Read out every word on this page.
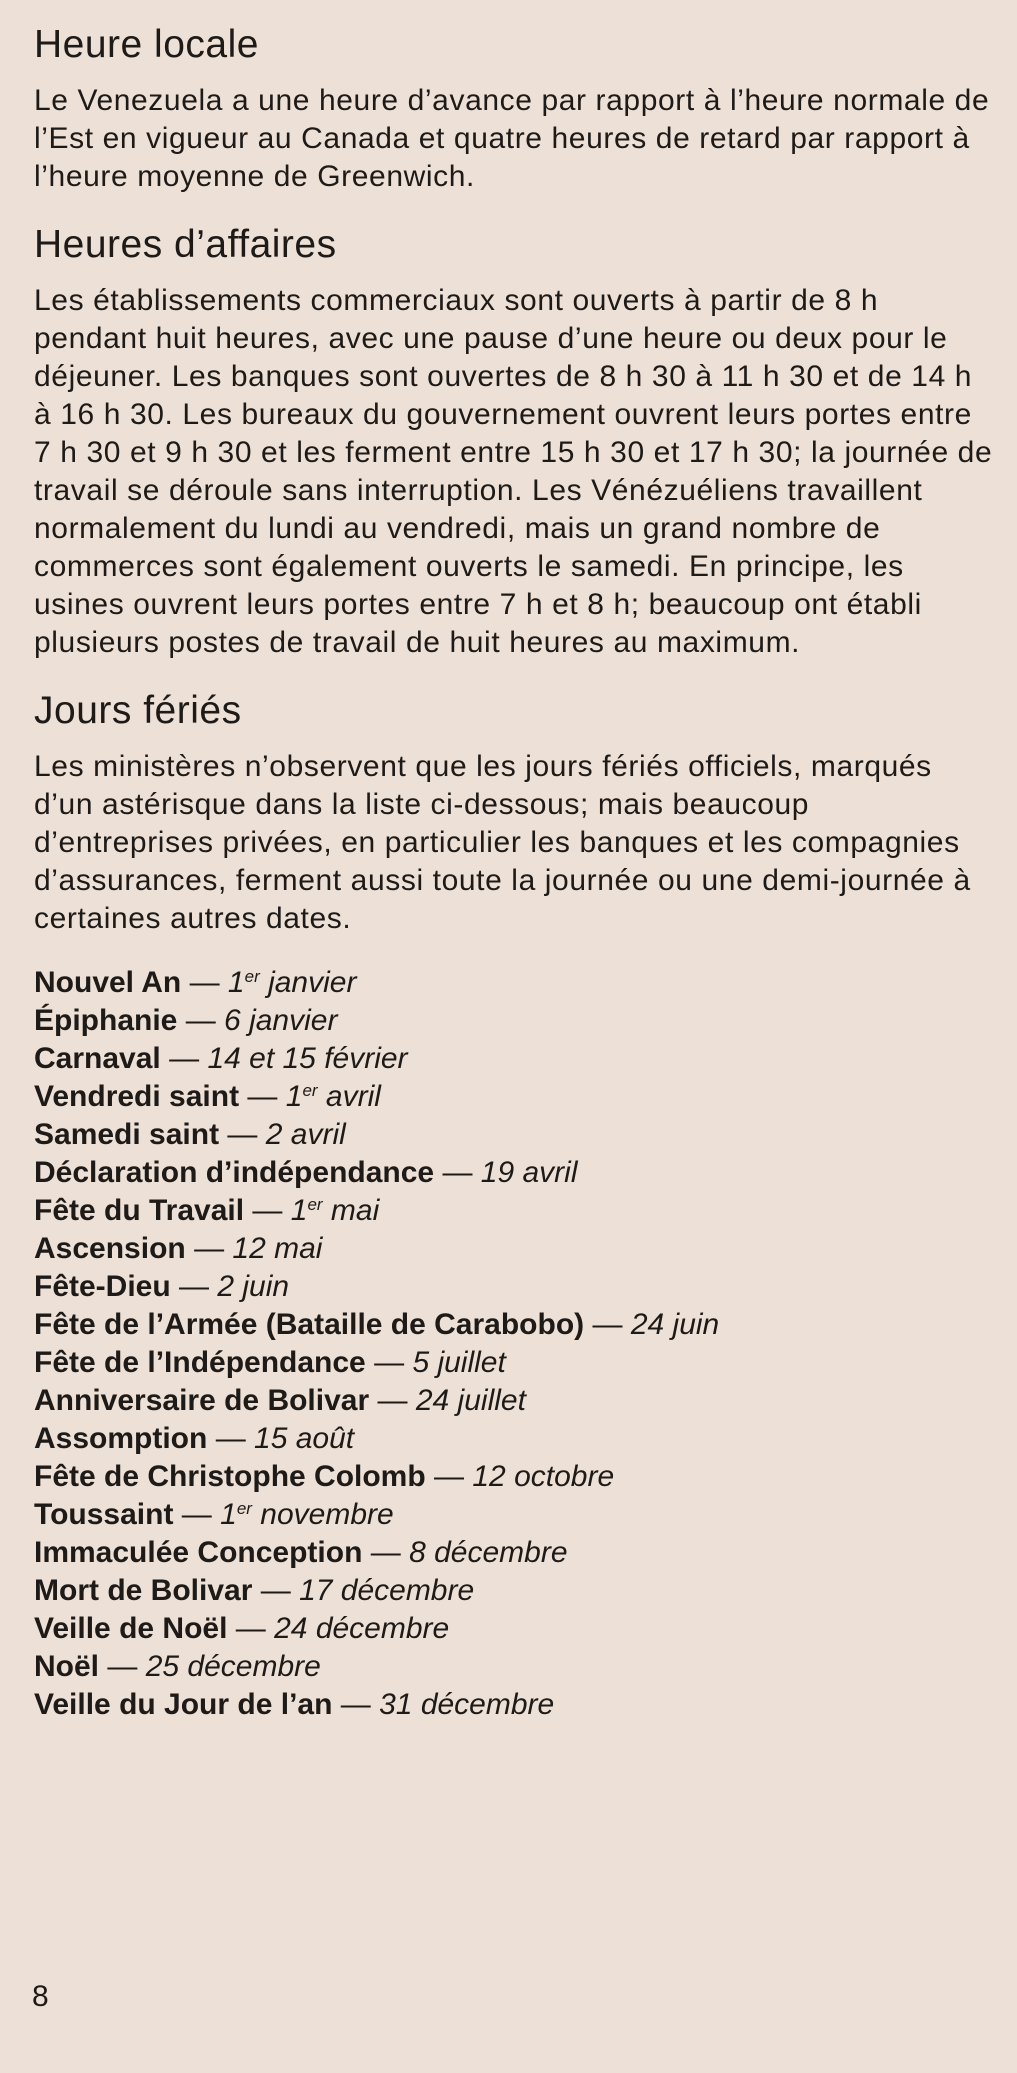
Heure locale

Le Venezuela a une heure d’avance par rapport à l’heure normale de l’Est en vigueur au Canada et quatre heures de retard par rapport à l’heure moyenne de Greenwich.

Heures d’affaires

Les établissements commerciaux sont ouverts à partir de 8 h pendant huit heures, avec une pause d’une heure ou deux pour le déjeuner. Les banques sont ouvertes de 8 h 30 à 11 h 30 et de 14 h à 16 h 30. Les bureaux du gouvernement ouvrent leurs portes entre 7 h 30 et 9 h 30 et les ferment entre 15 h 30 et 17 h 30; la journée de travail se déroule sans interruption. Les Vénézuéliens travaillent normalement du lundi au vendredi, mais un grand nombre de commerces sont également ouverts le samedi. En principe, les usines ouvrent leurs portes entre 7 h et 8 h; beaucoup ont établi plusieurs postes de travail de huit heures au maximum.

Jours fériés

Les ministères n’observent que les jours fériés officiels, marqués d’un astérisque dans la liste ci-dessous; mais beaucoup d’entreprises privées, en particulier les banques et les compagnies d’assurances, ferment aussi toute la journée ou une demi-journée à certaines autres dates.

Nouvel An — 1er janvier
Épiphanie — 6 janvier
Carnaval — 14 et 15 février
Vendredi saint — 1er avril
Samedi saint — 2 avril
Déclaration d’indépendance — 19 avril
Fête du Travail — 1er mai
Ascension — 12 mai
Fête-Dieu — 2 juin
Fête de l’Armée (Bataille de Carabobo) — 24 juin
Fête de l’Indépendance — 5 juillet
Anniversaire de Bolivar — 24 juillet
Assomption — 15 août
Fête de Christophe Colomb — 12 octobre
Toussaint — 1er novembre
Immaculée Conception — 8 décembre
Mort de Bolivar — 17 décembre
Veille de Noël — 24 décembre
Noël — 25 décembre
Veille du Jour de l’an — 31 décembre
8
